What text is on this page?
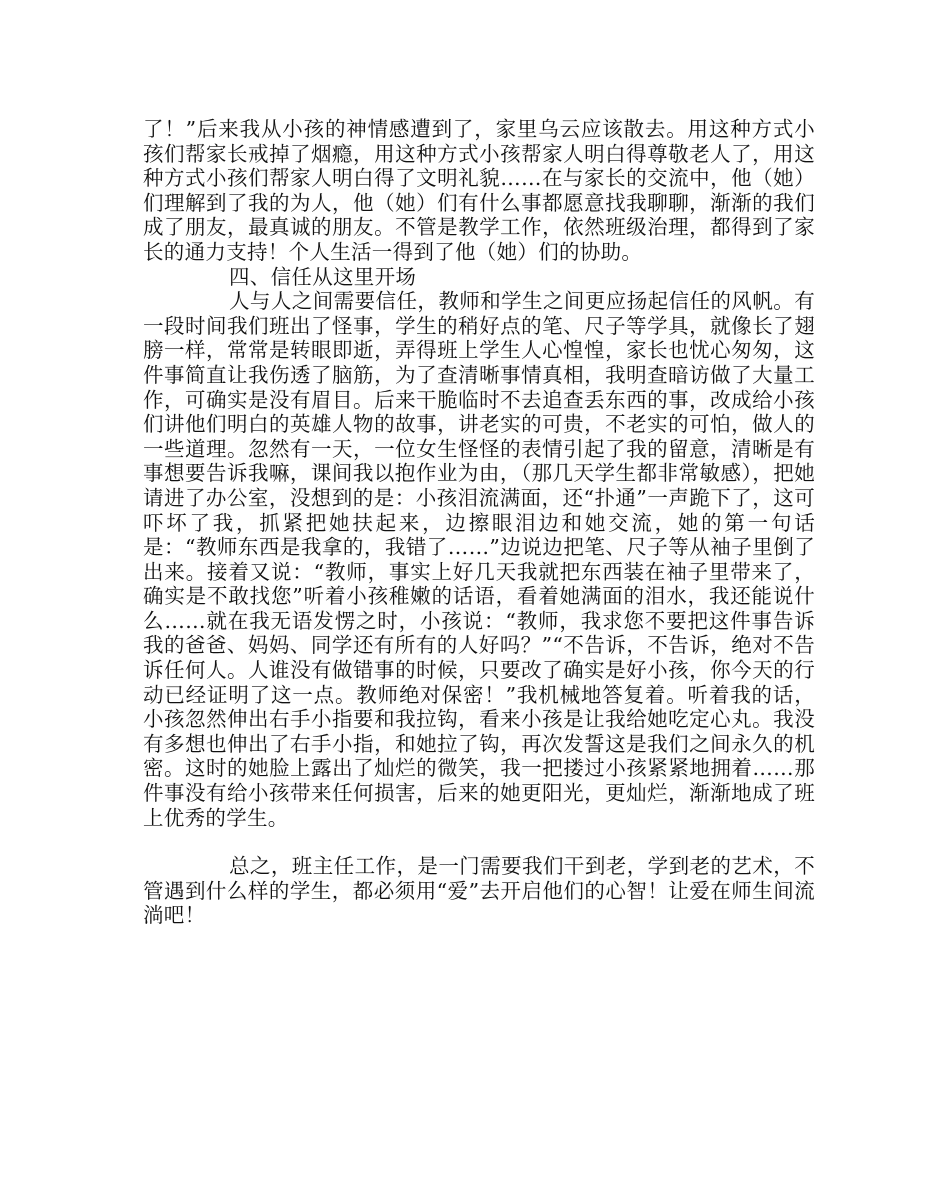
了！”后来我从小孩的神情感遭到了，家里乌云应该散去。用这种方式小孩们帮家长戒掉了烟瘾，用这种方式小孩帮家人明白得尊敬老人了，用这种方式小孩们帮家人明白得了文明礼貌……在与家长的交流中，他（她）们理解到了我的为人，他（她）们有什么事都愿意找我聊聊，渐渐的我们成了朋友，最真诚的朋友。不管是教学工作，依然班级治理，都得到了家长的通力支持！个人生活一得到了他（她）们的协助。

四、信任从这里开场

人与人之间需要信任，教师和学生之间更应扬起信任的风帆。有一段时间我们班出了怪事，学生的稍好点的笔、尺子等学具，就像长了翅膀一样，常常是转眼即逝，弄得班上学生人心惶惶，家长也忧心匆匆，这件事简直让我伤透了脑筋，为了查清晰事情真相，我明查暗访做了大量工作，可确实是没有眉目。后来干脆临时不去追查丢东西的事，改成给小孩们讲他们明白的英雄人物的故事，讲老实的可贵，不老实的可怕，做人的一些道理。忽然有一天，一位女生怪怪的表情引起了我的留意，清晰是有事想要告诉我嘛，课间我以抱作业为由，（那几天学生都非常敏感），把她请进了办公室，没想到的是：小孩泪流满面，还“扑通”一声跪下了，这可吓坏了我，抓紧把她扶起来，边擦眼泪边和她交流，她的第一句话是：“教师东西是我拿的，我错了……”边说边把笔、尺子等从袖子里倒了出来。接着又说：“教师，事实上好几天我就把东西装在袖子里带来了，确实是不敢找您”听着小孩稚嫩的话语，看着她满面的泪水，我还能说什么……就在我无语发愣之时，小孩说：“教师，我求您不要把这件事告诉我的爸爸、妈妈、同学还有所有的人好吗？”“不告诉，不告诉，绝对不告诉任何人。人谁没有做错事的时候，只要改了确实是好小孩，你今天的行动已经证明了这一点。教师绝对保密！”我机械地答复着。听着我的话，小孩忽然伸出右手小指要和我拉钩，看来小孩是让我给她吃定心丸。我没有多想也伸出了右手小指，和她拉了钩，再次发誓这是我们之间永久的机密。这时的她脸上露出了灿烂的微笑，我一把搂过小孩紧紧地拥着……那件事没有给小孩带来任何损害，后来的她更阳光，更灿烂，渐渐地成了班上优秀的学生。

总之，班主任工作，是一门需要我们干到老，学到老的艺术，不管遇到什么样的学生，都必须用“爱”去开启他们的心智！让爱在师生间流淌吧！
